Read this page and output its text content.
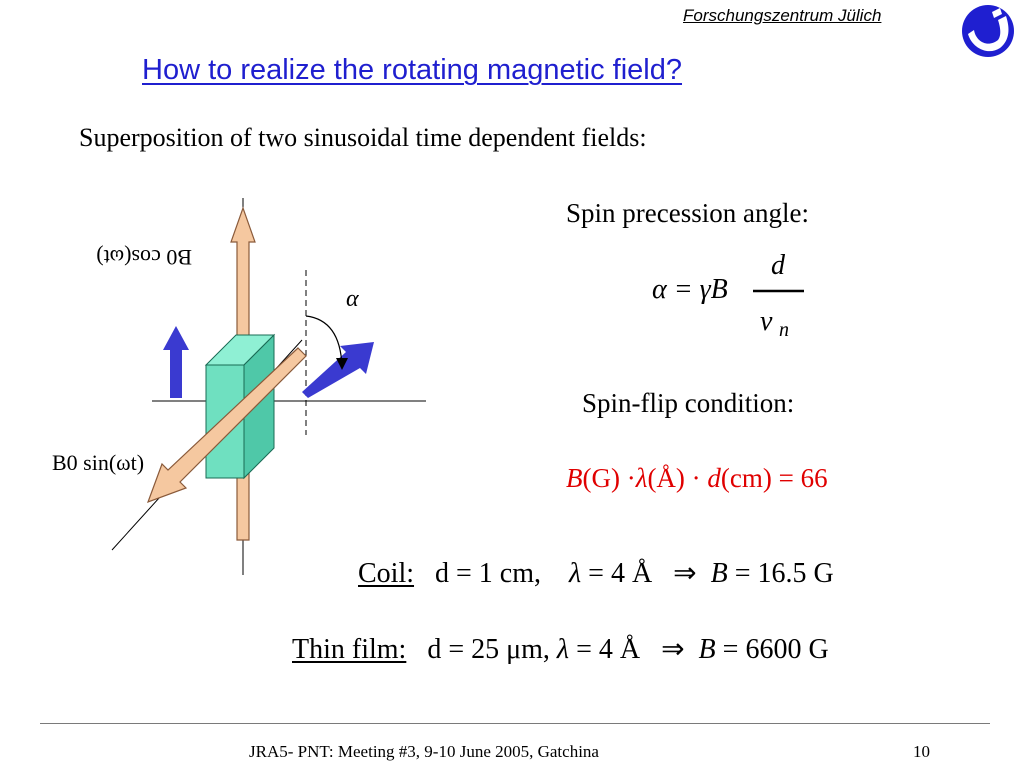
Forschungszentrum Jülich
How to realize the rotating magnetic field?
Superposition of two sinusoidal time dependent fields:
B0 cos(ωt)
α
B0 sin(ωt)
Spin precession angle:
α = γB
d
v n
Spin-flip condition:
B(G) ·λ(Å) · d(cm) = 66
Coil: d = 1 cm, λ = 4 Å ⇒ B = 16.5 G
Thin film: d = 25 μm, λ = 4 Å ⇒ B = 6600 G
JRA5- PNT: Meeting #3, 9-10 June 2005, Gatchina	10
